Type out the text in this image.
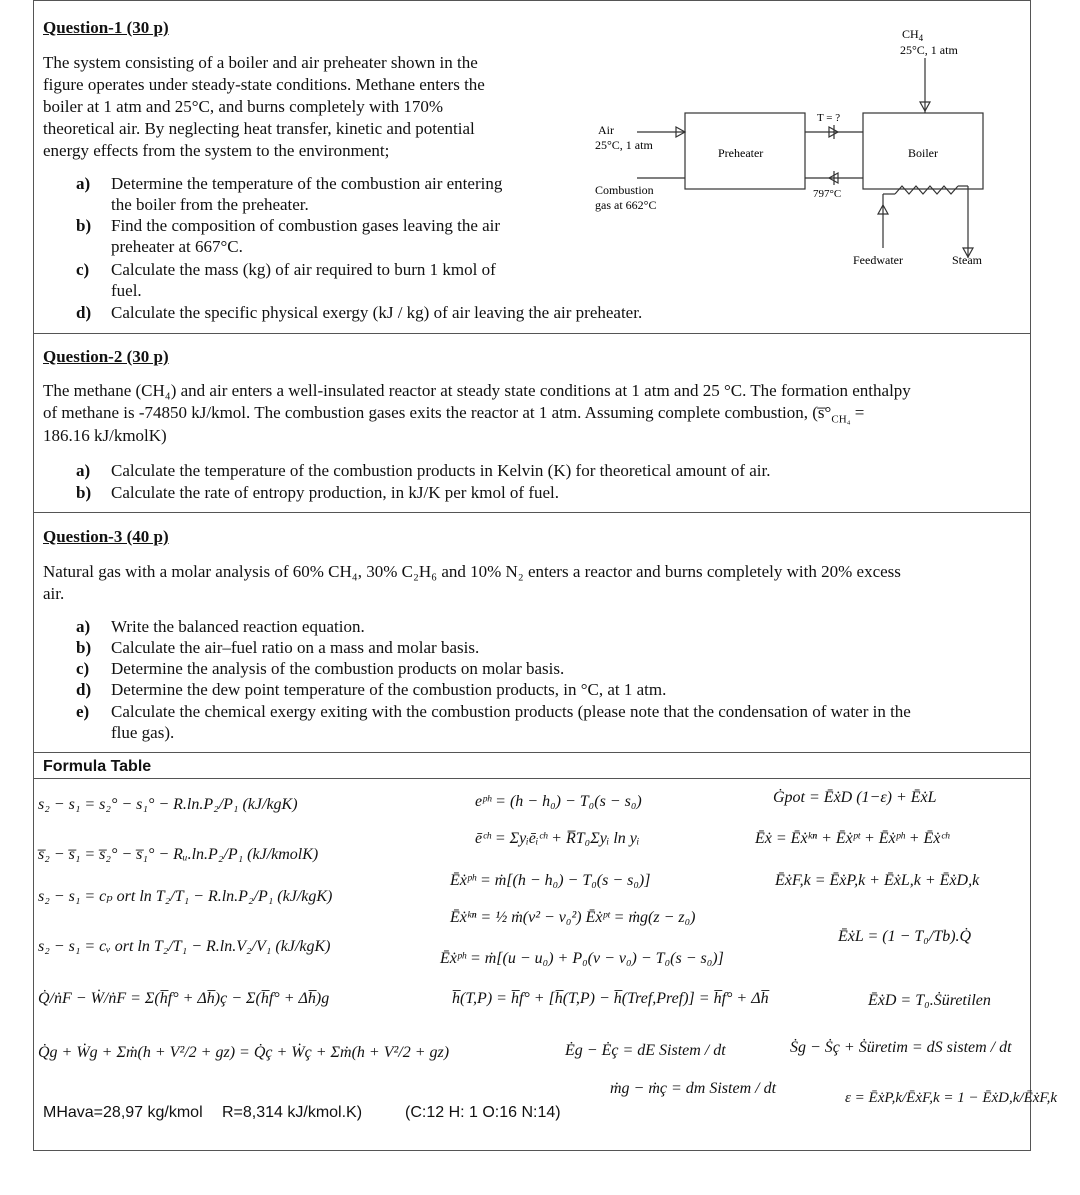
Question-1 (30 p)
The system consisting of a boiler and air preheater shown in the
figure operates under steady-state conditions. Methane enters the
boiler at 1 atm and 25°C, and burns completely with 170%
theoretical air. By neglecting heat transfer, kinetic and potential
energy effects from the system to the environment;
a) Determine the temperature of the combustion air entering
the boiler from the preheater.
b) Find the composition of combustion gases leaving the air
preheater at 667°C.
c) Calculate the mass (kg) of air required to burn 1 kmol of
fuel.
d) Calculate the specific physical exergy (kJ / kg) of air leaving the air preheater.
$CH_4$
25°C, 1 atm
Air
25°C, 1 atm
Preheater
T = ?
Boiler
Combustion
gas at 662°C
797°C
Feedwater	Steam
Question-2 (30 p)
The methane (CH₄) and air enters a well-insulated reactor at steady state conditions at 1 atm and 25 °C. The formation enthalpy
of methane is -74850 kJ/kmol. The combustion gases exits the reactor at 1 atm. Assuming complete combustion, ($s̅^\circ_{CH_4}$ =
186.16 kJ/kmolK)
a) Calculate the temperature of the combustion products in Kelvin (K) for theoretical amount of air.
b) Calculate the rate of entropy production, in kJ/K per kmol of fuel.
Question-3 (40 p)
Natural gas with a molar analysis of 60% CH₄, 30% C₂H₆ and 10% N₂ enters a reactor and burns completely with 20% excess
air.
a) Write the balanced reaction equation.
b) Calculate the air–fuel ratio on a mass and molar basis.
c) Determine the analysis of the combustion products on molar basis.
d) Determine the dew point temperature of the combustion products, in °C, at 1 atm.
e) Calculate the chemical exergy exiting with the combustion products (please note that the condensation of water in the
flue gas).
Formula Table
s₂ − s₁ = s₂° − s₁° − R.ln.P₂/P₁ (kJ/kgK)
s̅₂ − s̅₁ = s̅₂° − s̅₁° − Rᵤ.ln.P₂/P₁ (kJ/kmolK)
s₂ − s₁ = cₚ ort ln T₂/T₁ − R.ln.P₂/P₁ (kJ/kgK)
s₂ − s₁ = cᵥ ort ln T₂/T₁ − R.ln.V₂/V₁ (kJ/kgK)
Q̇/ṅF − Ẇ/ṅF = Σ(h̅f° + Δh̅)ç − Σ(h̅f° + Δh̅)g
Q̇g + Ẇg + Σṁ(h + V²/2 + gz) = Q̇ç + Ẇç + Σṁ(h + V²/2 + gz)
eᵖʰ = (h − h₀) − T₀(s − s₀)
ēᶜʰ = Σyᵢēᵢᶜʰ + R̅T₀Σyᵢ ln yᵢ
Ēẋᵖʰ = ṁ[(h − h₀) − T₀(s − s₀)]
Ēẋᵏⁿ = ½ ṁ(v² − v₀²) Ēẋᵖᵗ = ṁg(z − z₀)
Ēẋᵖʰ = ṁ[(u − u₀) + P₀(v − v₀) − T₀(s − s₀)]
h̅(T,P) = h̅f° + [h̅(T,P) − h̅(Tref,Pref)] = h̅f° + Δh̅
Ėg − Ėç = dE Sistem / dt
ṁg − ṁç = dm Sistem / dt
Ġpot = ĒẋD (1−ε) + ĒẋL
Ēẋ = Ēẋᵏⁿ + Ēẋᵖᵗ + Ēẋᵖʰ + Ēẋᶜʰ
ĒẋF,k = ĒẋP,k + ĒẋL,k + ĒẋD,k
ĒẋL = (1 − T₀/Tb).Q̇
ĒẋD = T₀.Ṡüretilen
Ṡg − Ṡç + Ṡüretim = dS sistem / dt
ε = ĒẋP,k/ĒẋF,k = 1 − ĒẋD,k/ĒẋF,k
MHava=28,97 kg/kmol R=8,314 kJ/kmol.K)	(C:12 H: 1 O:16 N:14)
